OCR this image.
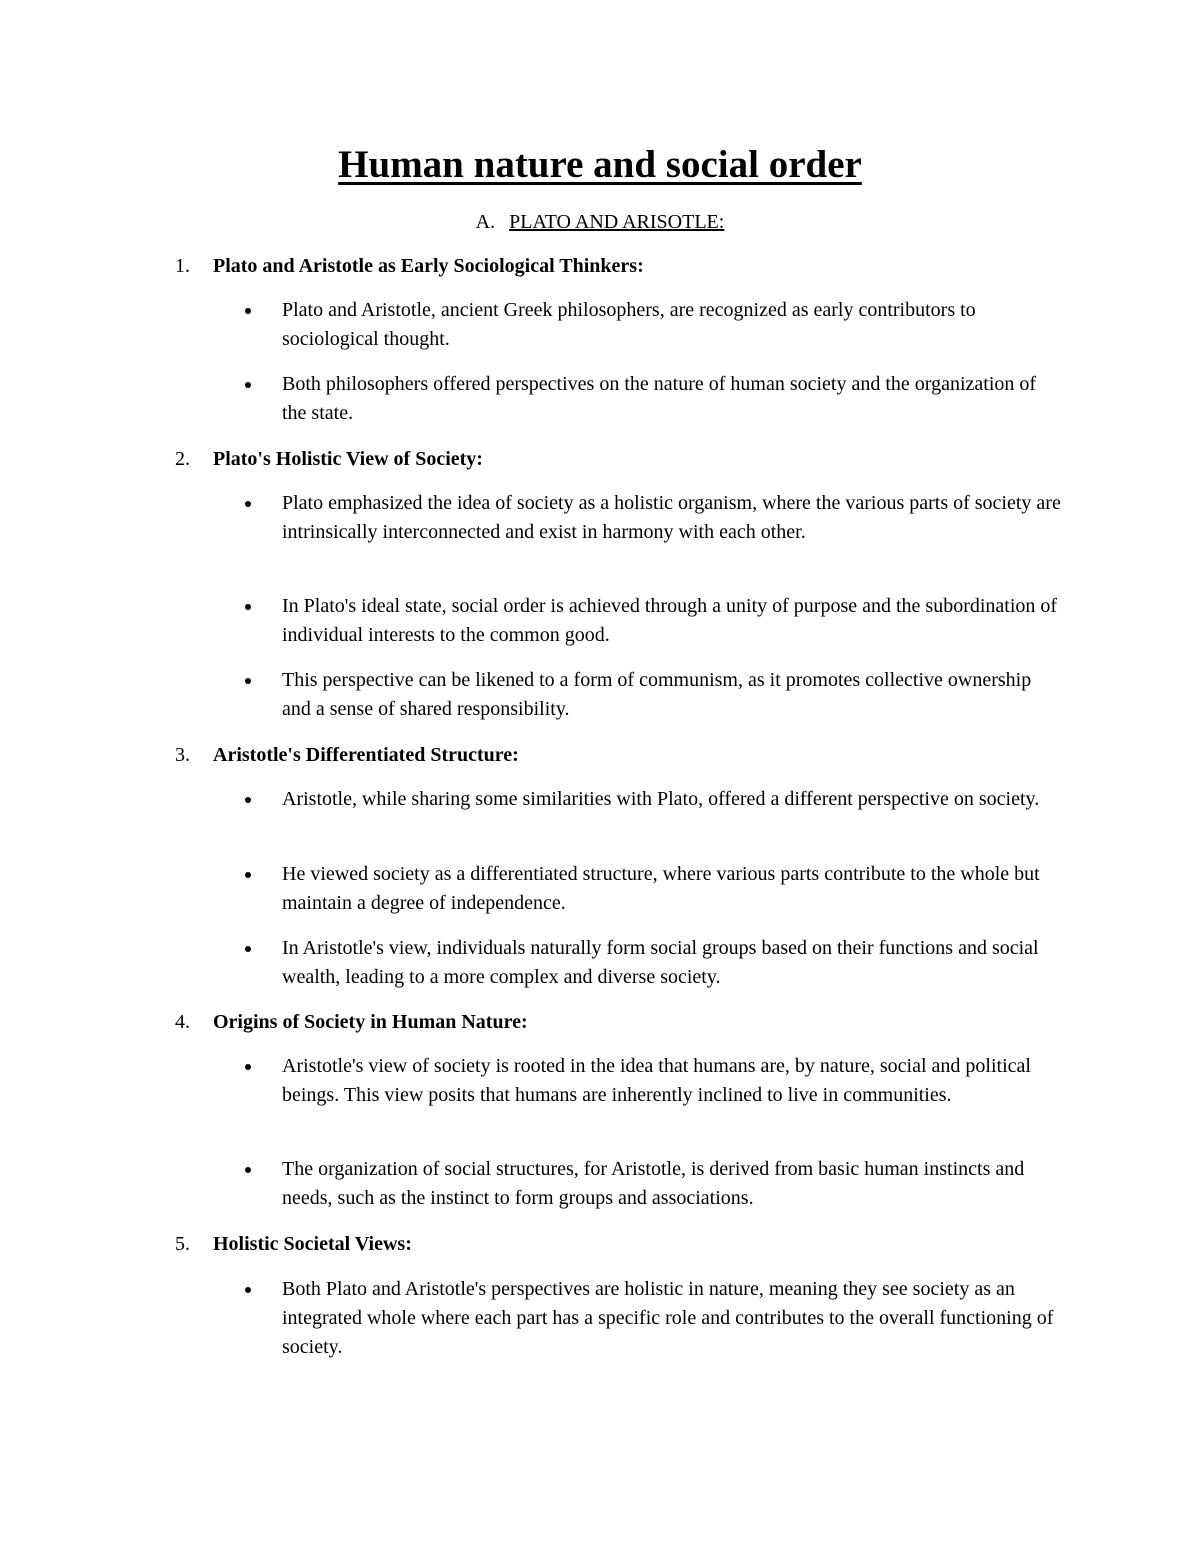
Human nature and social order
A. PLATO AND ARISOTLE:
1. Plato and Aristotle as Early Sociological Thinkers:
Plato and Aristotle, ancient Greek philosophers, are recognized as early contributors to sociological thought.
Both philosophers offered perspectives on the nature of human society and the organization of the state.
2. Plato's Holistic View of Society:
Plato emphasized the idea of society as a holistic organism, where the various parts of society are intrinsically interconnected and exist in harmony with each other.
In Plato's ideal state, social order is achieved through a unity of purpose and the subordination of individual interests to the common good.
This perspective can be likened to a form of communism, as it promotes collective ownership and a sense of shared responsibility.
3. Aristotle's Differentiated Structure:
Aristotle, while sharing some similarities with Plato, offered a different perspective on society.
He viewed society as a differentiated structure, where various parts contribute to the whole but maintain a degree of independence.
In Aristotle's view, individuals naturally form social groups based on their functions and social wealth, leading to a more complex and diverse society.
4. Origins of Society in Human Nature:
Aristotle's view of society is rooted in the idea that humans are, by nature, social and political beings. This view posits that humans are inherently inclined to live in communities.
The organization of social structures, for Aristotle, is derived from basic human instincts and needs, such as the instinct to form groups and associations.
5. Holistic Societal Views:
Both Plato and Aristotle's perspectives are holistic in nature, meaning they see society as an integrated whole where each part has a specific role and contributes to the overall functioning of society.
